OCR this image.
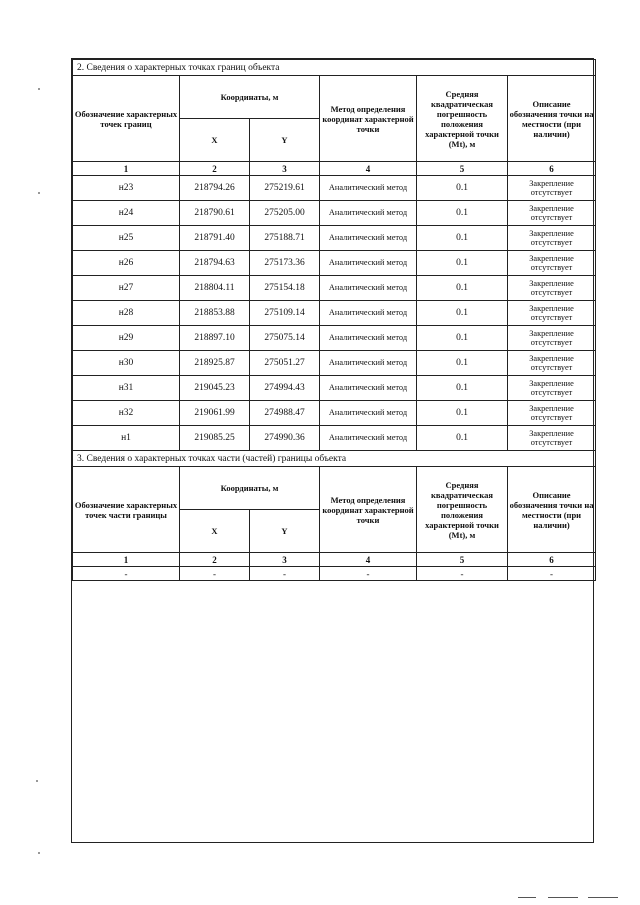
2. Сведения о характерных точках границ объекта					
Обозначение характерных точек границ	Координаты, м		Метод определения координат характерной точки	Средняя квадратическая погрешность положения характерной точки (Mt), м	Описание обозначения точки на местности (при наличии)
	X	Y			
1	2	3	4	5	6
н23	218794.26	275219.61	Аналитический метод	0.1	Закрепление отсутствует
н24	218790.61	275205.00	Аналитический метод	0.1	Закрепление отсутствует
н25	218791.40	275188.71	Аналитический метод	0.1	Закрепление отсутствует
н26	218794.63	275173.36	Аналитический метод	0.1	Закрепление отсутствует
н27	218804.11	275154.18	Аналитический метод	0.1	Закрепление отсутствует
н28	218853.88	275109.14	Аналитический метод	0.1	Закрепление отсутствует
н29	218897.10	275075.14	Аналитический метод	0.1	Закрепление отсутствует
н30	218925.87	275051.27	Аналитический метод	0.1	Закрепление отсутствует
н31	219045.23	274994.43	Аналитический метод	0.1	Закрепление отсутствует
н32	219061.99	274988.47	Аналитический метод	0.1	Закрепление отсутствует
н1	219085.25	274990.36	Аналитический метод	0.1	Закрепление отсутствует
3. Сведения о характерных точках части (частей) границы объекта					
Обозначение характерных точек части границы	Координаты, м		Метод определения координат характерной точки	Средняя квадратическая погрешность положения характерной точки (Mt), м	Описание обозначения точки на местности (при наличии)
	X	Y			
1	2	3	4	5	6
-	-	-	-	-	-
